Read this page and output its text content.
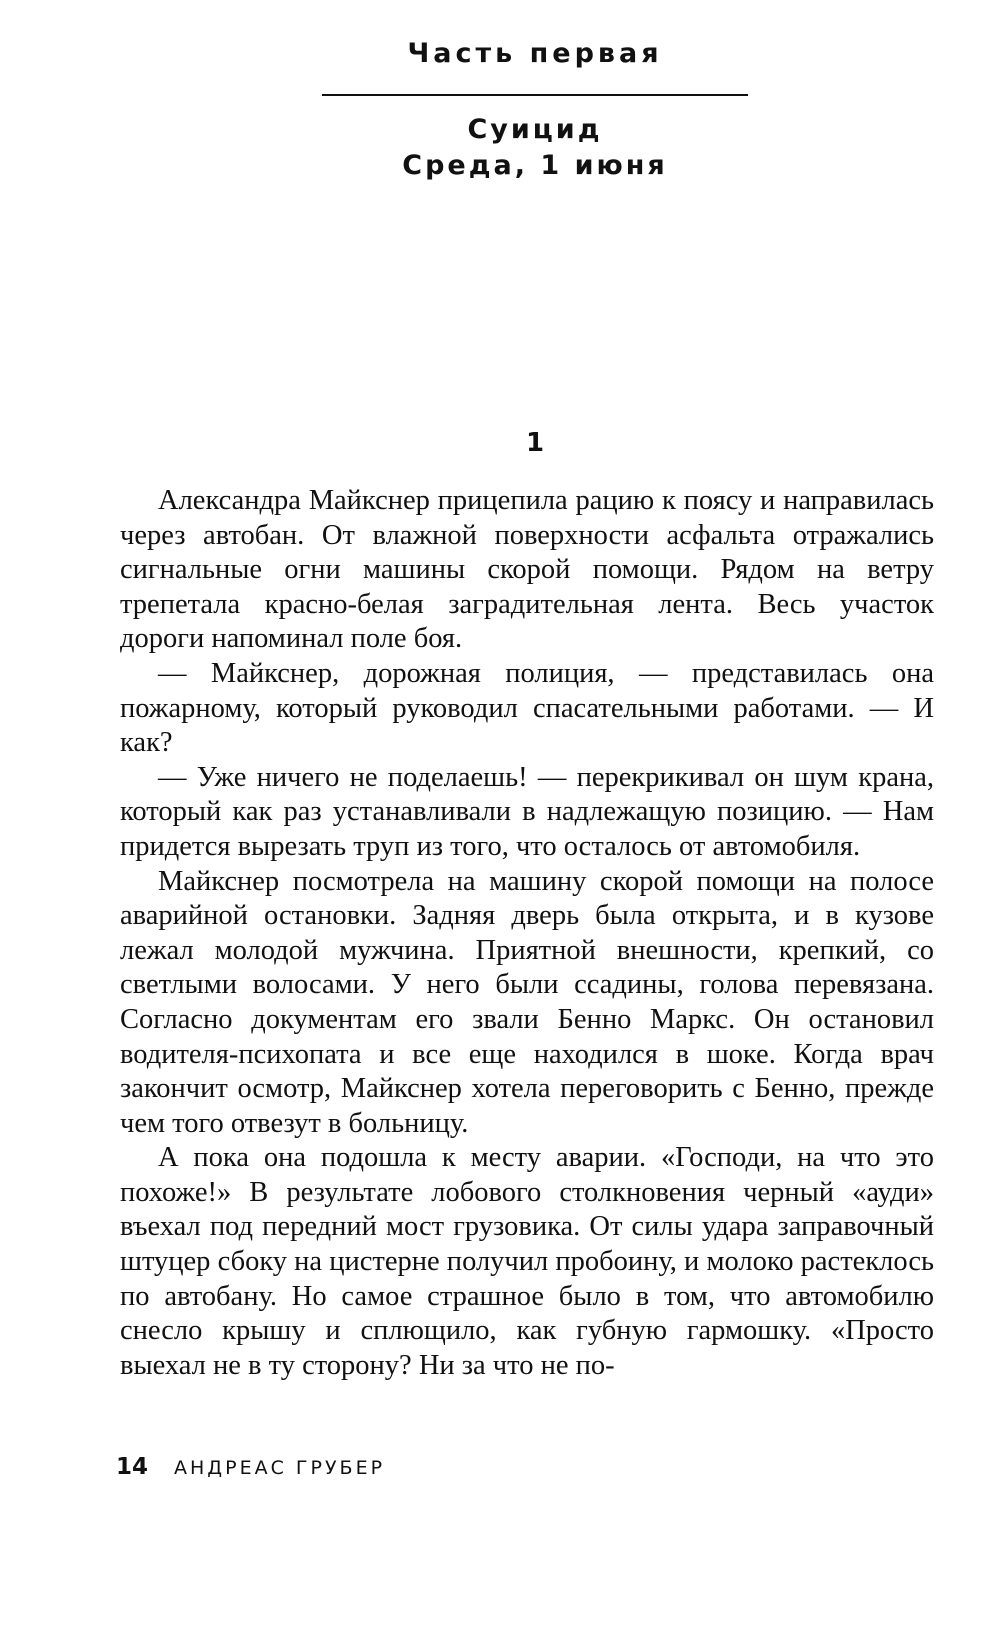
Часть первая
Суицид
Среда, 1 июня
1

Александра Майкснер прицепила рацию к поясу и направилась через автобан. От влажной поверхности асфальта отражались сигнальные огни машины скорой помощи. Рядом на ветру трепетала красно-белая заградительная лента. Весь участок дороги напоминал поле боя.

— Майкснер, дорожная полиция, — представилась она пожарному, который руководил спасательными работами. — И как?

— Уже ничего не поделаешь! — перекрикивал он шум крана, который как раз устанавливали в надлежащую позицию. — Нам придется вырезать труп из того, что осталось от автомобиля.

Майкснер посмотрела на машину скорой помощи на полосе аварийной остановки. Задняя дверь была открыта, и в кузове лежал молодой мужчина. Приятной внешности, крепкий, со светлыми волосами. У него были ссадины, голова перевязана. Согласно документам его звали Бенно Маркс. Он остановил водителя-психопата и все еще находился в шоке. Когда врач закончит осмотр, Майкснер хотела переговорить с Бенно, прежде чем того отвезут в больницу.

А пока она подошла к месту аварии. «Господи, на что это похоже!» В результате лобового столкновения черный «ауди» въехал под передний мост грузовика. От силы удара заправочный штуцер сбоку на цистерне получил пробоину, и молоко растеклось по автобану. Но самое страшное было в том, что автомобилю снесло крышу и сплющило, как губную гармошку. «Просто выехал не в ту сторону? Ни за что не по-

14 АНДРЕАС ГРУБЕР
